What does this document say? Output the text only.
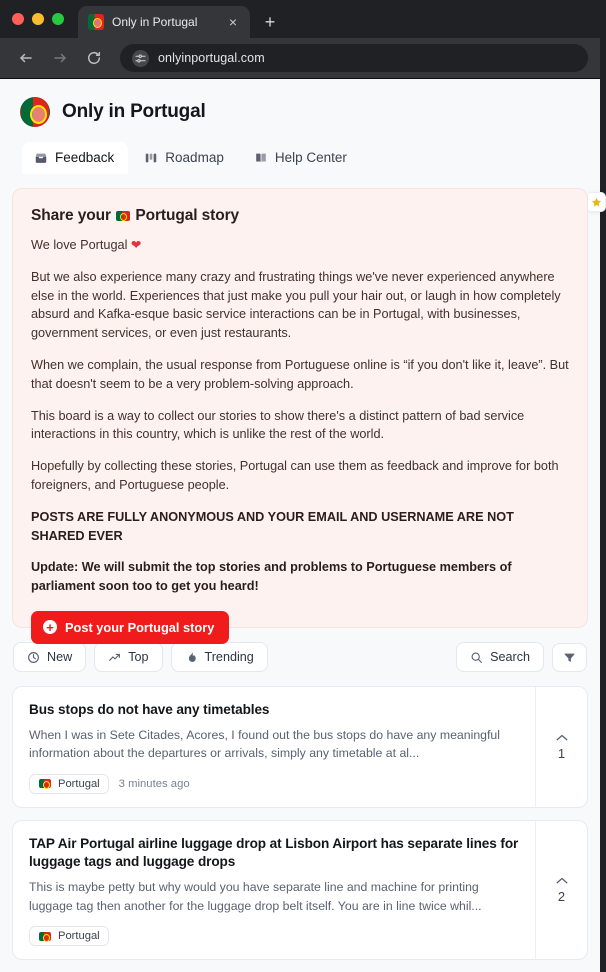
Only in Portugal	×	+
onlyinportugal.com
Only in Portugal
Feedback	Roadmap	Help Center
Share your  Portugal story

We love Portugal ❤

But we also experience many crazy and frustrating things we've never experienced anywhere else in the world. Experiences that just make you pull your hair out, or laugh in how completely absurd and Kafka-esque basic service interactions can be in Portugal, with businesses, government services, or even just restaurants.

When we complain, the usual response from Portuguese online is “if you don't like it, leave”. But that doesn't seem to be a very problem-solving approach.

This board is a way to collect our stories to show there's a distinct pattern of bad service interactions in this country, which is unlike the rest of the world.

Hopefully by collecting these stories, Portugal can use them as feedback and improve for both foreigners, and Portuguese people.

POSTS ARE FULLY ANONYMOUS AND YOUR EMAIL AND USERNAME ARE NOT SHARED EVER

Update: We will submit the top stories and problems to Portuguese members of parliament soon too to get you heard!

+ Post your Portugal story
New	Top	Trending	Search
Bus stops do not have any timetables
When I was in Sete Citades, Acores, I found out the bus stops do have any meaningful information about the departures or arrivals, simply any timetable at al...
Portugal 3 minutes ago
1
TAP Air Portugal airline luggage drop at Lisbon Airport has separate lines for luggage tags and luggage drops
This is maybe petty but why would you have separate line and machine for printing luggage tag then another for the luggage drop belt itself. You are in line twice whil...
Portugal
2
